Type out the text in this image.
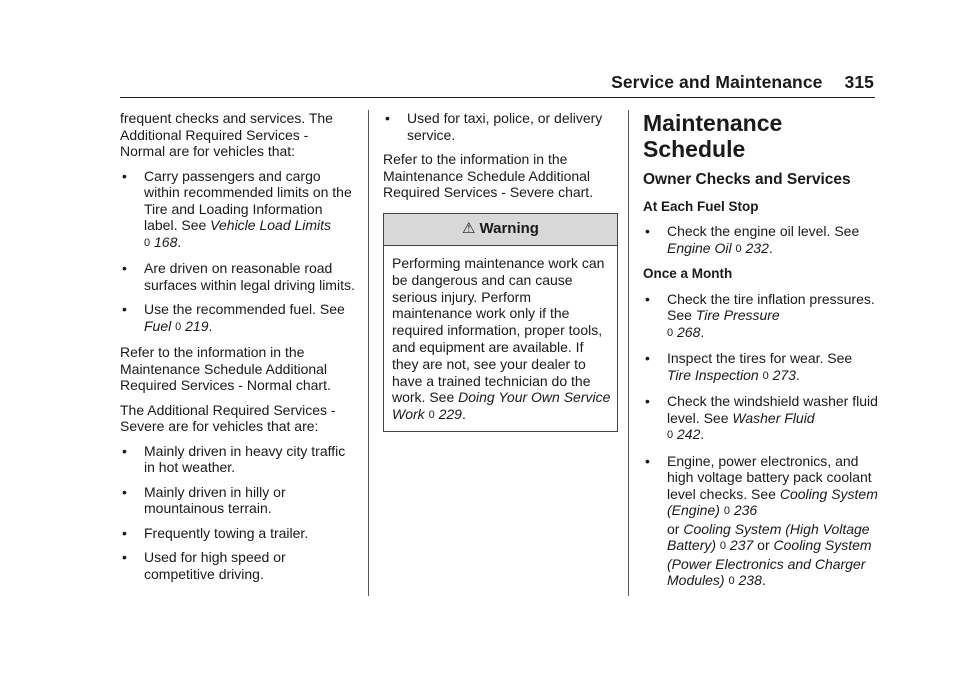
Service and Maintenance 315

frequent checks and services. The Additional Required Services - Normal are for vehicles that:

• Carry passengers and cargo within recommended limits on the Tire and Loading Information label. See Vehicle Load Limits
0 168.
• Are driven on reasonable road surfaces within legal driving limits.
• Use the recommended fuel. See
Fuel 0 219.

Refer to the information in the Maintenance Schedule Additional Required Services - Normal chart.

The Additional Required Services - Severe are for vehicles that are:

• Mainly driven in heavy city traffic in hot weather.
• Mainly driven in hilly or mountainous terrain.
• Frequently towing a trailer.
• Used for high speed or competitive driving.
• Used for taxi, police, or delivery service.

Refer to the information in the Maintenance Schedule Additional Required Services - Severe chart.

⚠ Warning

Performing maintenance work can be dangerous and can cause serious injury. Perform maintenance work only if the required information, proper tools, and equipment are available. If they are not, see your dealer to have a trained technician do the work. See Doing Your Own Service Work 0 229.

Maintenance Schedule
Owner Checks and Services
At Each Fuel Stop
• Check the engine oil level. See
Engine Oil 0 232.
Once a Month
• Check the tire inflation pressures. See Tire Pressure
0 268.
• Inspect the tires for wear. See
Tire Inspection 0 273.
• Check the windshield washer fluid level. See Washer Fluid
0 242.
• Engine, power electronics, and high voltage battery pack coolant level checks. See Cooling System (Engine) 0 236
or Cooling System (High Voltage Battery) 0 237 or Cooling System (Power Electronics and Charger Modules) 0 238.
